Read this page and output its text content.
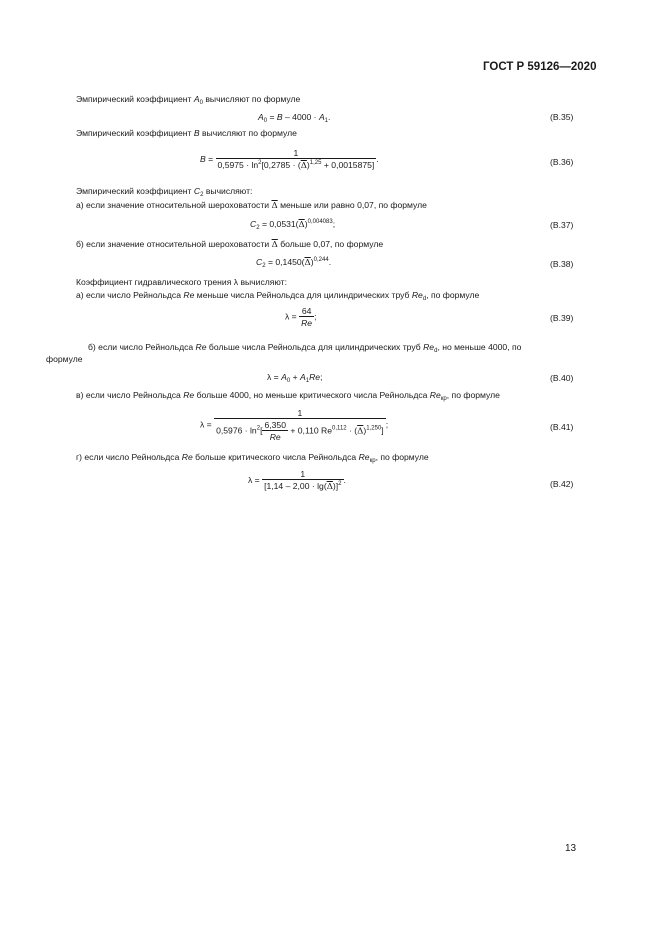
ГОСТ Р 59126—2020
Эмпирический коэффициент $A_0$ вычисляют по формуле
$A_0 = B - 4000 \cdot A_1$.	(В.35)
Эмпирический коэффициент B вычисляют по формуле
$B = \frac{1}{0,5975 \cdot \ln^2[0,2785 \cdot (\overline{\Delta})^{1,25} + 0,0015875]}$ .	(В.36)
Эмпирический коэффициент $C_2$ вычисляют:
а) если значение относительной шероховатости $\overline{\Delta}$ меньше или равно 0,07, по формуле
$C_2 = 0,0531(\overline{\Delta})^{0,004083}$;	(В.37)
б) если значение относительной шероховатости $\overline{\Delta}$ больше 0,07, по формуле
$C_2 = 0,1450(\overline{\Delta})^{0,244}$.	(В.38)
Коэффициент гидравлического трения λ вычисляют:
а) если число Рейнольдса Re меньше числа Рейнольдса для цилиндрических труб $Re_d$, по формуле
$\lambda = \frac{64}{Re}$ ;	(В.39)
б) если число Рейнольдса Re больше числа Рейнольдса для цилиндрических труб $Re_d$, но меньше 4000, по
формуле
$\lambda = A_0 + A_1Re$;	(В.40)
в) если число Рейнольдса Re больше 4000, но меньше критического числа Рейнольдса $Re_{кр}$, по формуле
$\lambda = \frac{1}{0,5976 \cdot \ln^2[ \frac{6,350}{Re} + 0,110 Re^{0,112} \cdot (\overline{\Delta})^{1,250}]}$ ;	(В.41)
г) если число Рейнольдса Re больше критического числа Рейнольдса $Re_{кр}$, по формуле
$\lambda = \frac{1}{[1,14 - 2,00 \cdot \lg(\overline{\Delta})]^2}$ .	(В.42)
13
